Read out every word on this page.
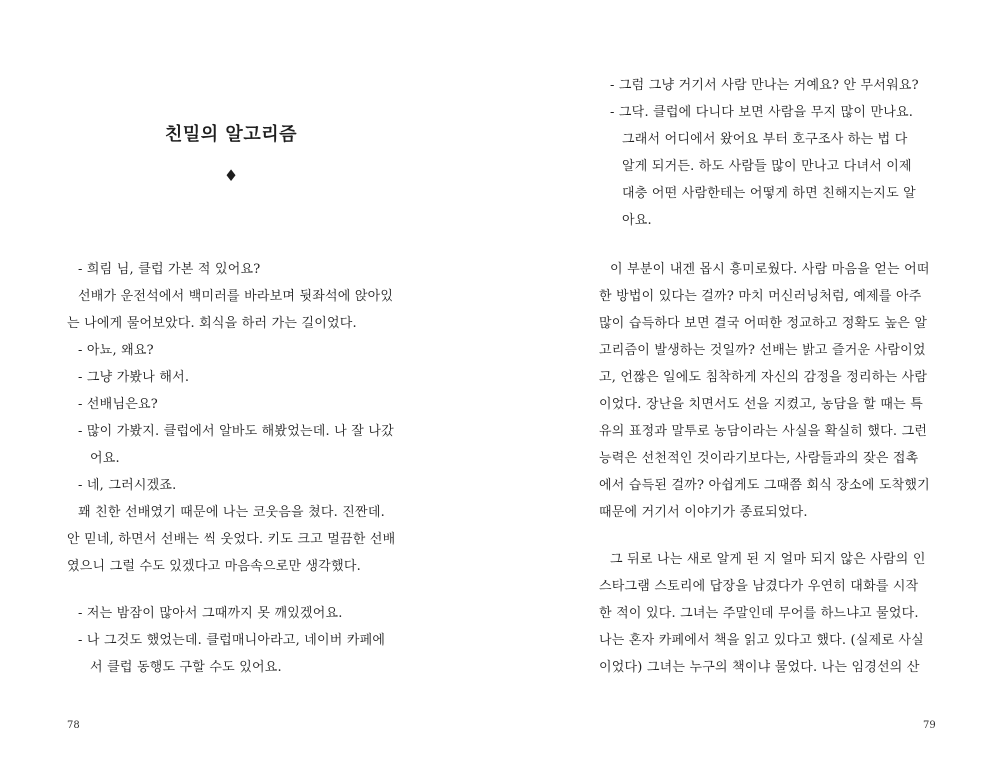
친밀의 알고리즘
♦
- 희림 님, 클럽 가본 적 있어요?
선배가 운전석에서 백미러를 바라보며 뒷좌석에 앉아있
는 나에게 물어보았다. 회식을 하러 가는 길이었다.
- 아뇨, 왜요?
- 그냥 가봤나 해서.
- 선배님은요?
- 많이 가봤지. 클럽에서 알바도 해봤었는데. 나 잘 나갔
어요.
- 네, 그러시겠죠.
꽤 친한 선배였기 때문에 나는 코웃음을 쳤다. 진짠데.
안 믿네, 하면서 선배는 씩 웃었다. 키도 크고 멀끔한 선배
였으니 그럴 수도 있겠다고 마음속으로만 생각했다.
- 저는 밤잠이 많아서 그때까지 못 깨있겠어요.
- 나 그것도 했었는데. 클럽매니아라고, 네이버 카페에
서 클럽 동행도 구할 수도 있어요.
78
- 그럼 그냥 거기서 사람 만나는 거예요? 안 무서워요?
- 그닥. 클럽에 다니다 보면 사람을 무지 많이 만나요.
그래서 어디에서 왔어요 부터 호구조사 하는 법 다
알게 되거든. 하도 사람들 많이 만나고 다녀서 이제
대충 어떤 사람한테는 어떻게 하면 친해지는지도 알
아요.
이 부분이 내겐 몹시 흥미로웠다. 사람 마음을 얻는 어떠
한 방법이 있다는 걸까? 마치 머신러닝처럼, 예제를 아주
많이 습득하다 보면 결국 어떠한 정교하고 정확도 높은 알
고리즘이 발생하는 것일까? 선배는 밝고 즐거운 사람이었
고, 언짢은 일에도 침착하게 자신의 감정을 정리하는 사람
이었다. 장난을 치면서도 선을 지켰고, 농담을 할 때는 특
유의 표정과 말투로 농담이라는 사실을 확실히 했다. 그런
능력은 선천적인 것이라기보다는, 사람들과의 잦은 접촉
에서 습득된 걸까? 아쉽게도 그때쯤 회식 장소에 도착했기
때문에 거기서 이야기가 종료되었다.
그 뒤로 나는 새로 알게 된 지 얼마 되지 않은 사람의 인
스타그램 스토리에 답장을 남겼다가 우연히 대화를 시작
한 적이 있다. 그녀는 주말인데 무어를 하느냐고 물었다.
나는 혼자 카페에서 책을 읽고 있다고 했다. (실제로 사실
이었다) 그녀는 누구의 책이냐 물었다. 나는 임경선의 산
79
